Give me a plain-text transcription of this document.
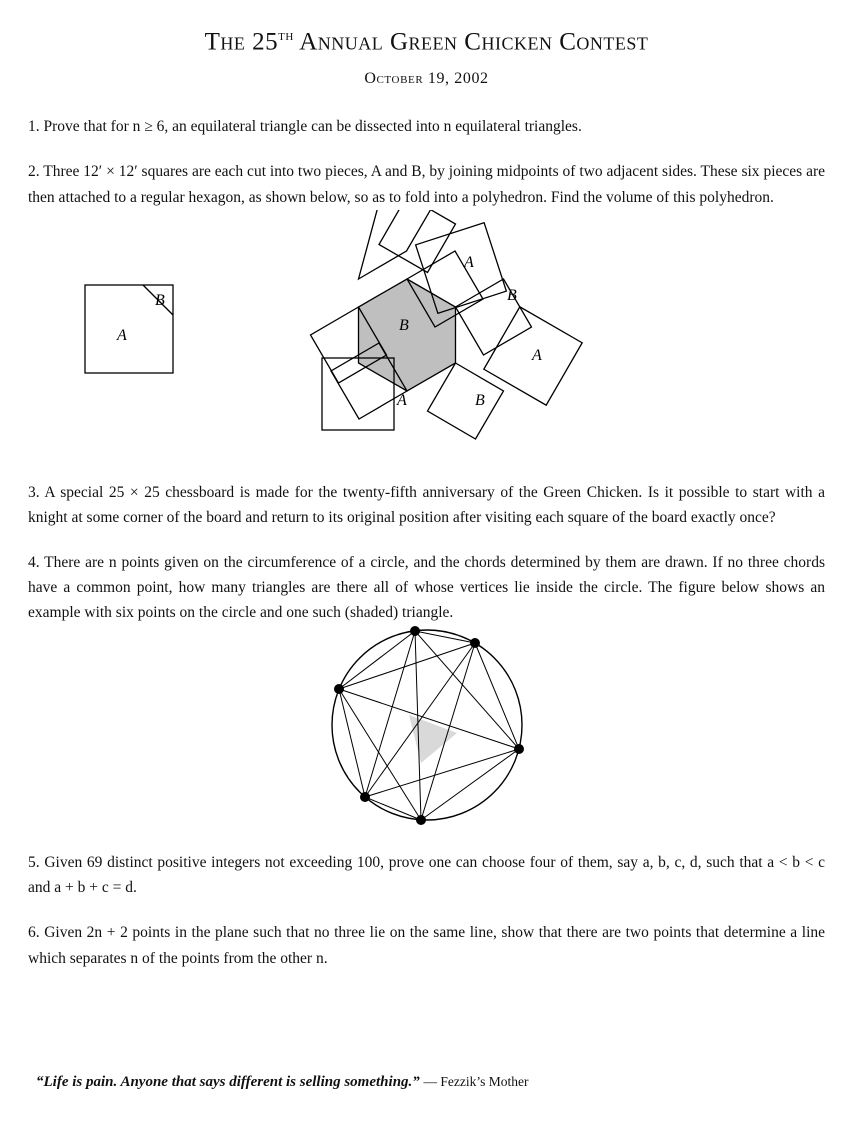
The 25th Annual Green Chicken Contest
October 19, 2002
1. Prove that for n ≥ 6, an equilateral triangle can be dissected into n equilateral triangles.
2. Three 12′ × 12′ squares are each cut into two pieces, A and B, by joining midpoints of two adjacent sides. These six pieces are then attached to a regular hexagon, as shown below, so as to fold into a polyhedron. Find the volume of this polyhedron.
A
B
A
B
B
A
A	B
3. A special 25 × 25 chessboard is made for the twenty-fifth anniversary of the Green Chicken. Is it possible to start with a knight at some corner of the board and return to its original position after visiting each square of the board exactly once?
4. There are n points given on the circumference of a circle, and the chords determined by them are drawn. If no three chords have a common point, how many triangles are there all of whose vertices lie inside the circle. The figure below shows an example with six points on the circle and one such (shaded) triangle.
5. Given 69 distinct positive integers not exceeding 100, prove one can choose four of them, say a, b, c, d, such that a < b < c and a + b + c = d.
6. Given 2n + 2 points in the plane such that no three lie on the same line, show that there are two points that determine a line which separates n of the points from the other n.
“Life is pain. Anyone that says different is selling something.” — Fezzik’s Mother
